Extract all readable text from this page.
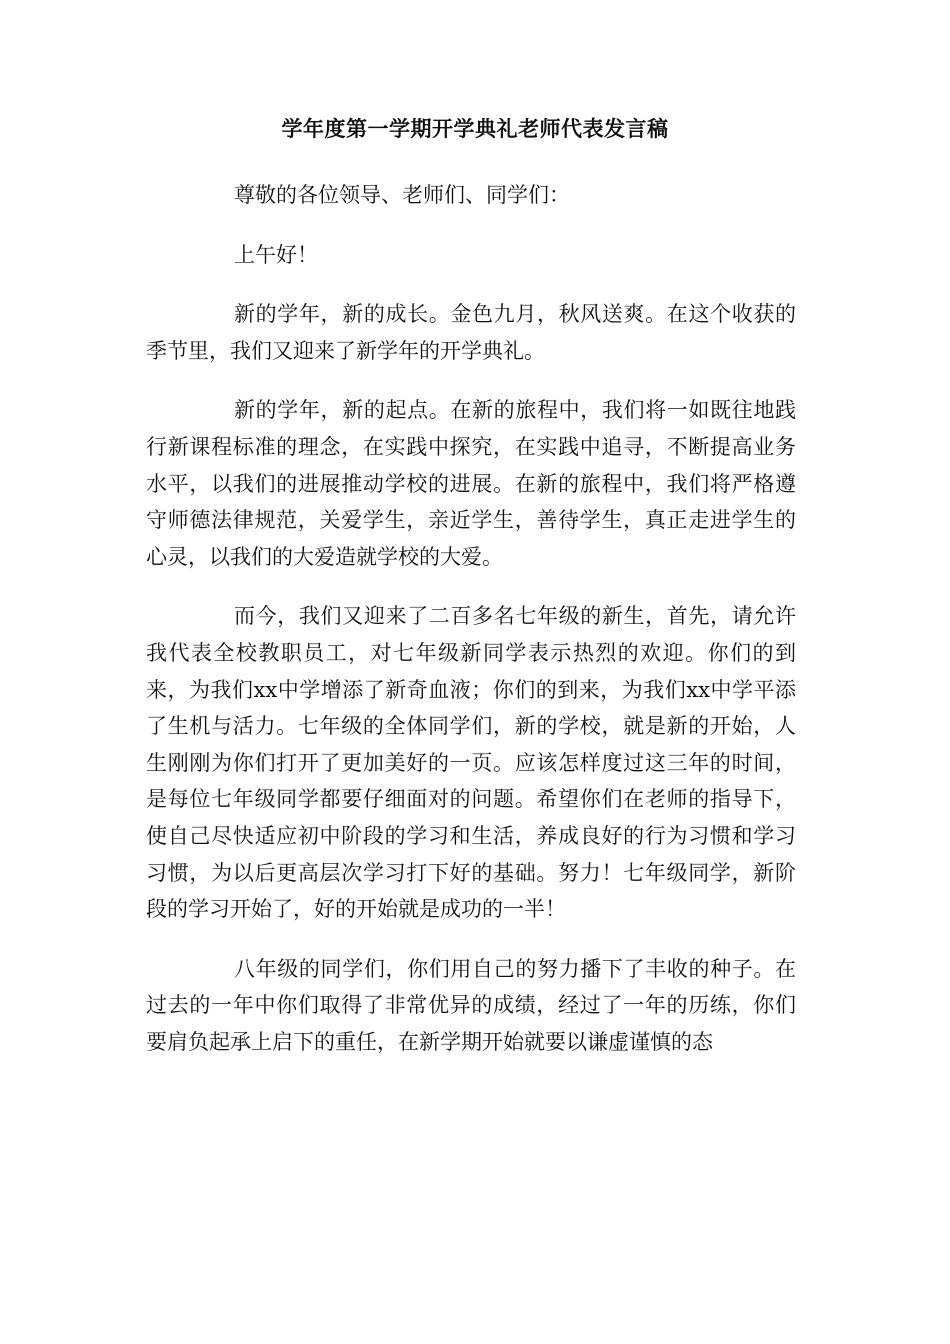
学年度第一学期开学典礼老师代表发言稿

尊敬的各位领导、老师们、同学们：

上午好！

新的学年，新的成长。金色九月，秋风送爽。在这个收获的季节里，我们又迎来了新学年的开学典礼。

新的学年，新的起点。在新的旅程中，我们将一如既往地践行新课程标准的理念，在实践中探究，在实践中追寻，不断提高业务水平，以我们的进展推动学校的进展。在新的旅程中，我们将严格遵守师德法律规范，关爱学生，亲近学生，善待学生，真正走进学生的心灵，以我们的大爱造就学校的大爱。

而今，我们又迎来了二百多名七年级的新生，首先，请允许我代表全校教职员工，对七年级新同学表示热烈的欢迎。你们的到来，为我们xx中学增添了新奇血液；你们的到来，为我们xx中学平添了生机与活力。七年级的全体同学们，新的学校，就是新的开始，人生刚刚为你们打开了更加美好的一页。应该怎样度过这三年的时间，是每位七年级同学都要仔细面对的问题。希望你们在老师的指导下，使自己尽快适应初中阶段的学习和生活，养成良好的行为习惯和学习习惯，为以后更高层次学习打下好的基础。努力！七年级同学，新阶段的学习开始了，好的开始就是成功的一半！

八年级的同学们，你们用自己的努力播下了丰收的种子。在过去的一年中你们取得了非常优异的成绩，经过了一年的历练，你们要肩负起承上启下的重任，在新学期开始就要以谦虚谨慎的态
